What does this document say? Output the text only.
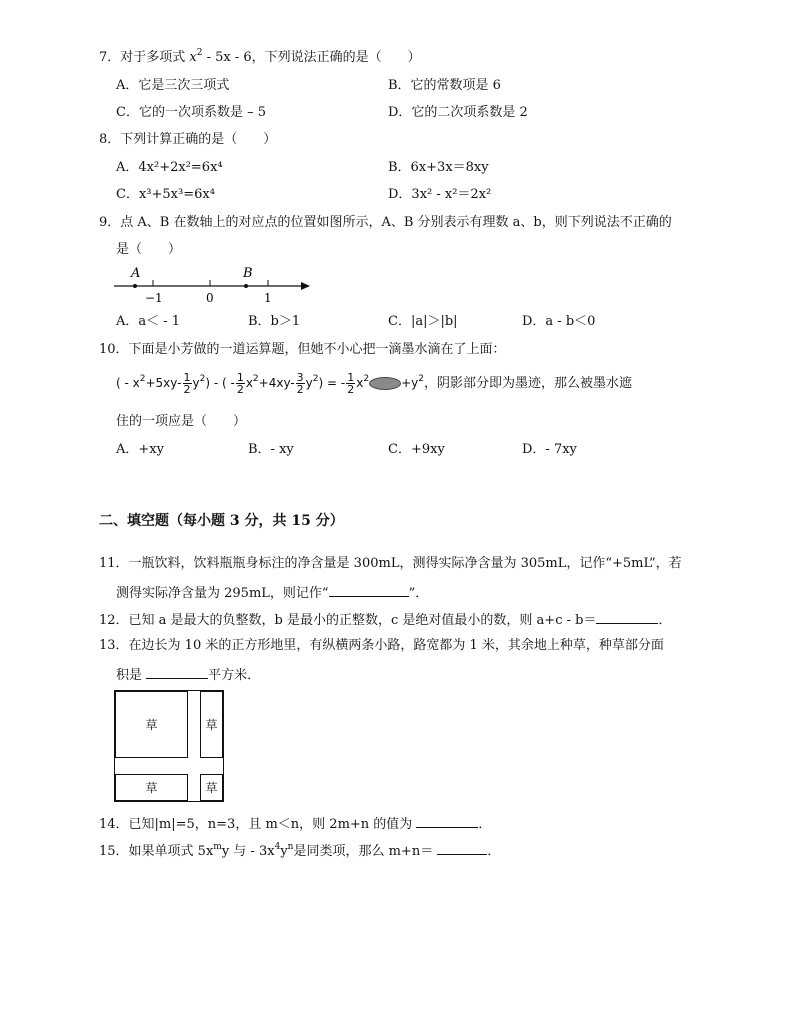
7．对于多项式 $x^2 - 5x - 6$，下列说法正确的是（　　）
A．它是三次三项式	B．它的常数项是 6
C．它的一次项系数是 – 5	D．它的二次项系数是 2
8．下列计算正确的是（　　）
A．4x²+2x²=6x⁴	B．6x+3x＝8xy
C．x³+5x³=6x⁴	D．3x² - x²＝2x²
9．点 A、B 在数轴上的对应点的位置如图所示，A、B 分别表示有理数 a、b，则下列说法不正确的
是（　　）
A	B
−1	0	1
A．a＜ - 1	B．b＞1	C．|a|＞|b|	D．a - b＜0
10．下面是小芳做的一道运算题，但她不小心把一滴墨水滴在了上面：
( - $x^2+5xy- \frac{1}{2} y^2$) - ( - $\frac{1}{2} x^2+4xy- \frac{3}{2} y^2$) = - $\frac{1}{2} x^2$	$+y^2$，阴影部分即为墨迹，那么被墨水遮
住的一项应是（　　）
A．+xy	B．- xy	C．+9xy	D．- 7xy
二、填空题（每小题 3 分，共 15 分）
11．一瓶饮料，饮料瓶瓶身标注的净含量是 300mL，测得实际净含量为 305mL，记作“+5mL”，若
测得实际净含量为 295mL，则记作“	”．
12．已知 a 是最大的负整数，b 是最小的正整数，c 是绝对值最小的数，则 a+c - b＝	．
13．在边长为 10 米的正方形地里，有纵横两条小路，路宽都为 1 米，其余地上种草，种草部分面
积是	平方米．
草	草
草	草
14．已知|m|=5，n=3，且 m＜n，则 2m+n 的值为	．
15．如果单项式 $5x^my$ 与 - $3x^4y^n$是同类项，那么 m+n＝	．
